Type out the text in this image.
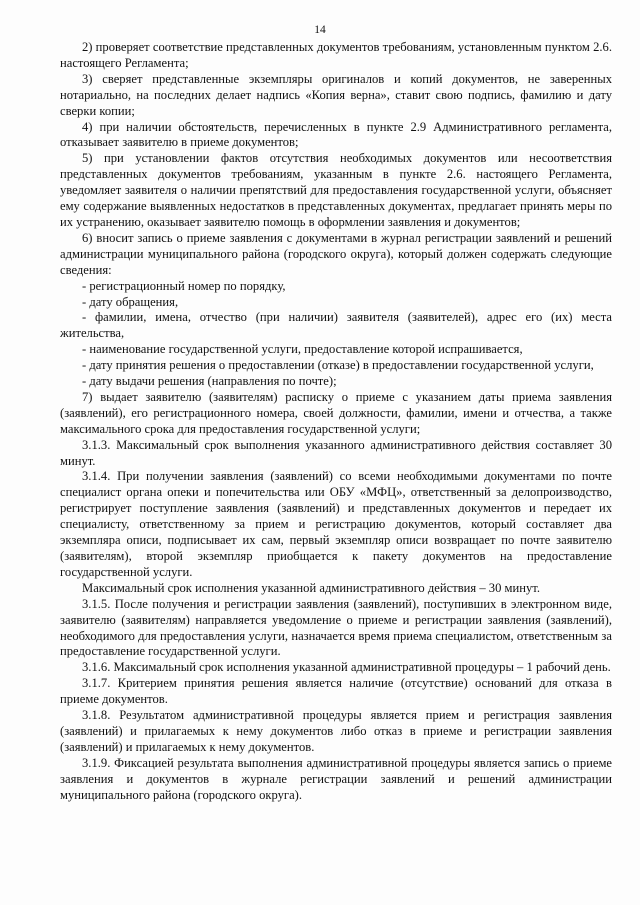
14

2) проверяет соответствие представленных документов требованиям, установленным пунктом 2.6. настоящего Регламента;

3) сверяет представленные экземпляры оригиналов и копий документов, не заверенных нотариально, на последних делает надпись «Копия верна», ставит свою подпись, фамилию и дату сверки копии;

4) при наличии обстоятельств, перечисленных в пункте 2.9 Административного регламента, отказывает заявителю в приеме документов;

5) при установлении фактов отсутствия необходимых документов или несоответствия представленных документов требованиям, указанным в пункте 2.6. настоящего Регламента, уведомляет заявителя о наличии препятствий для предоставления государственной услуги, объясняет ему содержание выявленных недостатков в представленных документах, предлагает принять меры по их устранению, оказывает заявителю помощь в оформлении заявления и документов;

6) вносит запись о приеме заявления с документами в журнал регистрации заявлений и решений администрации муниципального района (городского округа), который должен содержать следующие сведения:

- регистрационный номер по порядку,

- дату обращения,

- фамилии, имена, отчество (при наличии) заявителя (заявителей), адрес его (их) места жительства,

- наименование государственной услуги, предоставление которой испрашивается,

- дату принятия решения о предоставлении (отказе) в предоставлении государственной услуги,

- дату выдачи решения (направления по почте);

7) выдает заявителю (заявителям) расписку о приеме с указанием даты приема заявления (заявлений), его регистрационного номера, своей должности, фамилии, имени и отчества, а также максимального срока для предоставления государственной услуги;

3.1.3. Максимальный срок выполнения указанного административного действия составляет 30 минут.

3.1.4. При получении заявления (заявлений) со всеми необходимыми документами по почте специалист органа опеки и попечительства или ОБУ «МФЦ», ответственный за делопроизводство, регистрирует поступление заявления (заявлений) и представленных документов и передает их специалисту, ответственному за прием и регистрацию документов, который составляет два экземпляра описи, подписывает их сам, первый экземпляр описи возвращает по почте заявителю (заявителям), второй экземпляр приобщается к пакету документов на предоставление государственной услуги.

Максимальный срок исполнения указанной административного действия – 30 минут.

3.1.5. После получения и регистрации заявления (заявлений), поступивших в электронном виде, заявителю (заявителям) направляется уведомление о приеме и регистрации заявления (заявлений), необходимого для предоставления услуги, назначается время приема специалистом, ответственным за предоставление государственной услуги.

3.1.6. Максимальный срок исполнения указанной административной процедуры – 1 рабочий день.

3.1.7. Критерием принятия решения является наличие (отсутствие) оснований для отказа в приеме документов.

3.1.8. Результатом административной процедуры является прием и регистрация заявления (заявлений) и прилагаемых к нему документов либо отказ в приеме и регистрации заявления (заявлений) и прилагаемых к нему документов.

3.1.9. Фиксацией результата выполнения административной процедуры является запись о приеме заявления и документов в журнале регистрации заявлений и решений администрации муниципального района (городского округа).
